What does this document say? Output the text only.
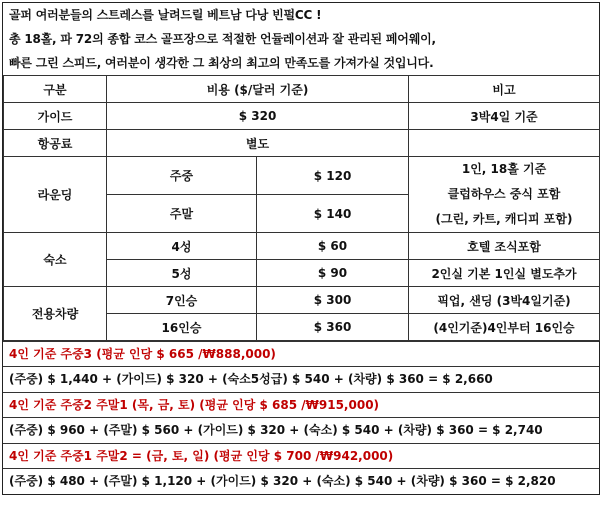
골퍼 여러분들의 스트레스를 날려드릴 베트남 다낭 빈펄CC !
총 18홀, 파 72의 종합 코스 골프장으로 적절한 언듈레이션과 잘 관리된 페어웨이,
빠른 그린 스피드, 여러분이 생각한 그 최상의 최고의 만족도를 가져가실 것입니다.
구분	비용 ($/달러 기준)		비고
가이드	$ 320		3박4일 기준
항공료	별도		
라운딩	주중	$ 120	1인, 18홀 기준
클럽하우스 중식 포함
(그린, 카트, 캐디피 포함)

	주말	$ 140	
숙소	4성	$ 60	호텔 조식포함
	5성	$ 90	2인실 기본 1인실 별도추가
전용차량	7인승	$ 300	픽업, 샌딩 (3박4일기준)
	16인승	$ 360	(4인기준)4인부터 16인승
4인 기준 주중3 (평균 인당 $ 665 /₩888,000)
(주중) $ 1,440 + (가이드) $ 320 + (숙소5성급) $ 540 + (차량) $ 360 = $ 2,660
4인 기준 주중2 주말1 (목, 금, 토) (평균 인당 $ 685 /₩915,000)
(주중) $ 960 + (주말) $ 560 + (가이드) $ 320 + (숙소) $ 540 + (차량) $ 360 = $ 2,740
4인 기준 주중1 주말2 = (금, 토, 일) (평균 인당 $ 700 /₩942,000)
(주중) $ 480 + (주말) $ 1,120 + (가이드) $ 320 + (숙소) $ 540 + (차량) $ 360 = $ 2,820
